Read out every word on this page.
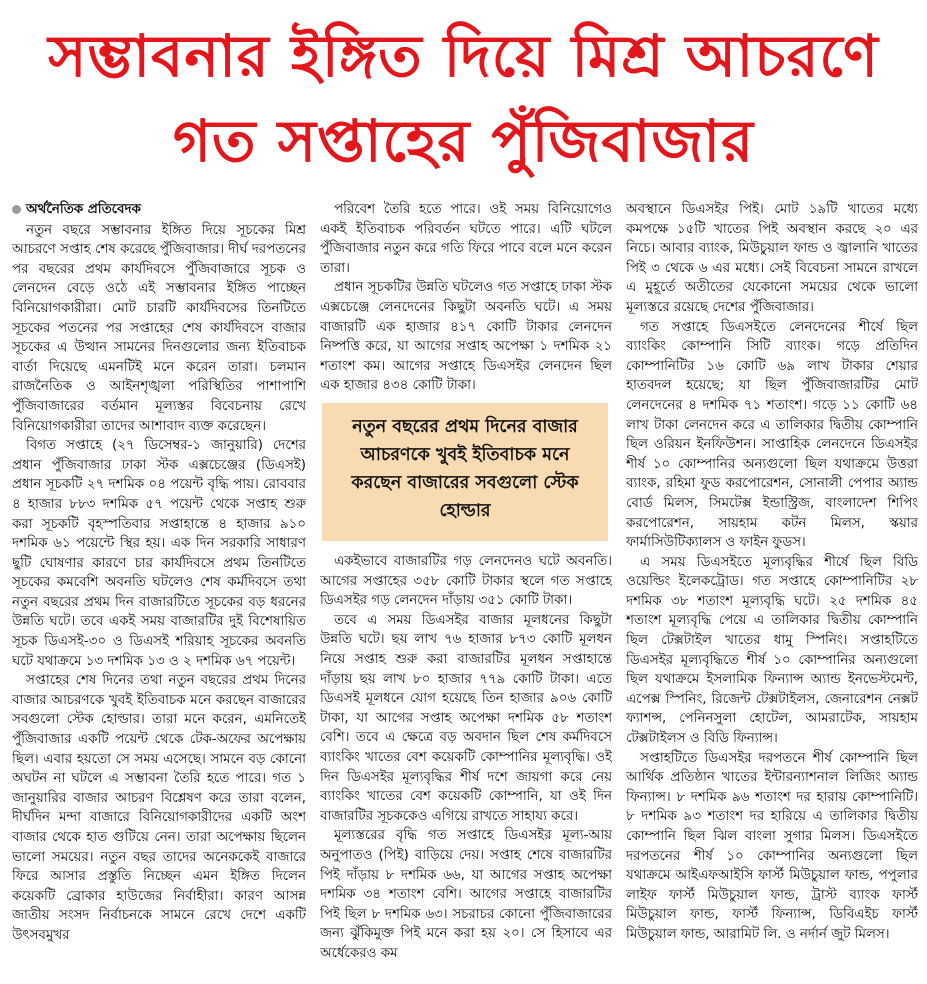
সম্ভাবনার ইঙ্গিত দিয়ে মিশ্র আচরণে
গত সপ্তাহের পুঁজিবাজার
অর্থনৈতিক প্রতিবেদক

নতুন বছরে সম্ভাবনার ইঙ্গিত দিয়ে সূচকের মিশ্র আচরণে সপ্তাহ শেষ করেছে পুঁজিবাজার। দীর্ঘ দরপতনের পর বছরের প্রথম কার্যদিবসে পুঁজিবাজারে সূচক ও লেনদেন বেড়ে ওঠে এই সম্ভাবনার ইঙ্গিত পাচ্ছেন বিনিয়োগকারীরা। মোট চারটি কার্যদিবসের তিনটিতে সূচকের পতনের পর সপ্তাহের শেষ কার্যদিবসে বাজার সূচকের এ উত্থান সামনের দিনগুলোর জন্য ইতিবাচক বার্তা দিয়েছে এমনটিই মনে করেন তারা। চলমান রাজনৈতিক ও আইনশৃঙ্খলা পরিস্থিতির পাশাপাশি পুঁজিবাজারের বর্তমান মূল্যস্তর বিবেচনায় রেখে বিনিয়োগকারীরা তাদের আশাবাদ ব্যক্ত করেছেন।

বিগত সপ্তাহে (২৭ ডিসেম্বর-১ জানুয়ারি) দেশের প্রধান পুঁজিবাজার ঢাকা স্টক এক্সচেঞ্জের (ডিএসই) প্রধান সূচকটি ২৭ দশমিক ০৪ পয়েন্ট বৃদ্ধি পায়। রোববার ৪ হাজার ৮৮৩ দশমিক ৫৭ পয়েন্ট থেকে সপ্তাহ শুরু করা সূচকটি বৃহস্পতিবার সপ্তাহান্তে ৪ হাজার ৯১০ দশমিক ৬১ পয়েন্টে স্থির হয়। এক দিন সরকারি সাধারণ ছুটি ঘোষণার কারণে চার কার্যদিবসে প্রথম তিনটিতে সূচকের কমবেশি অবনতি ঘটলেও শেষ কর্মদিবসে তথা নতুন বছরের প্রথম দিন বাজারটিতে সূচকের বড় ধরনের উন্নতি ঘটে। তবে একই সময় বাজারটির দুই বিশেষায়িত সূচক ডিএসই-৩০ ও ডিএসই শরিয়াহ সূচকের অবনতি ঘটে যথাক্রমে ১৩ দশমিক ১৩ ও ২ দশমিক ৬৭ পয়েন্ট।

সপ্তাহের শেষ দিনের তথা নতুন বছরের প্রথম দিনের বাজার আচরণকে খুবই ইতিবাচক মনে করছেন বাজারের সবগুলো স্টেক হোল্ডার। তারা মনে করেন, এমনিতেই পুঁজিবাজার একটি পয়েন্ট থেকে টেক-অফের অপেক্ষায় ছিল। এবার হয়তো সে সময় এসেছে। সামনে বড় কোনো অঘটন না ঘটলে এ সম্ভাবনা তৈরি হতে পারে। গত ১ জানুয়ারির বাজার আচরণ বিশ্লেষণ করে তারা বলেন, দীর্ঘদিন মন্দা বাজারে বিনিয়োগকারীদের একটি অংশ বাজার থেকে হাত গুটিয়ে নেন। তারা অপেক্ষায় ছিলেন ভালো সময়ের। নতুন বছর তাদের অনেককেই বাজারে ফিরে আসার প্রস্তুতি নিচ্ছেন এমন ইঙ্গিত দিলেন কয়েকটি ব্রোকার হাউজের নির্বাহীরা। কারণ আসন্ন জাতীয় সংসদ নির্বাচনকে সামনে রেখে দেশে একটি উৎসবমুখর

পরিবেশ তৈরি হতে পারে। ওই সময় বিনিয়োগেও একই ইতিবাচক পরিবর্তন ঘটতে পারে। এটি ঘটলে পুঁজিবাজার নতুন করে গতি ফিরে পাবে বলে মনে করেন তারা।

প্রধান সূচকটির উন্নতি ঘটলেও গত সপ্তাহে ঢাকা স্টক এক্সচেঞ্জে লেনদেনের কিছুটা অবনতি ঘটে। এ সময় বাজারটি এক হাজার ৪১৭ কোটি টাকার লেনদেন নিষ্পত্তি করে, যা আগের সপ্তাহ অপেক্ষা ১ দশমিক ২১ শতাংশ কম। আগের সপ্তাহে ডিএসইর লেনদেন ছিল এক হাজার ৪৩৪ কোটি টাকা।

নতুন বছরের প্রথম দিনের বাজার আচরণকে খুবই ইতিবাচক মনে করছেন বাজারের সবগুলো স্টেক হোল্ডার

একইভাবে বাজারটির গড় লেনদেনও ঘটে অবনতি। আগের সপ্তাহের ৩৫৮ কোটি টাকার স্থলে গত সপ্তাহে ডিএসইর গড় লেনদেন দাঁড়ায় ৩৫১ কোটি টাকা।

তবে এ সময় ডিএসইর বাজার মূলধনের কিছুটা উন্নতি ঘটে। ছয় লাখ ৭৬ হাজার ৮৭৩ কোটি মূলধন নিয়ে সপ্তাহ শুরু করা বাজারটির মূলধন সপ্তাহান্তে দাঁড়ায় ছয় লাখ ৮০ হাজার ৭৭৯ কোটি টাকা। এতে ডিএসই মূলধনে যোগ হয়েছে তিন হাজার ৯০৬ কোটি টাকা, যা আগের সপ্তাহ অপেক্ষা দশমিক ৫৮ শতাংশ বেশি। তবে এ ক্ষেত্রে বড় অবদান ছিল শেষ কর্মদিবসে ব্যাংকিং খাতের বেশ কয়েকটি কোম্পানির মূল্যবৃদ্ধি। ওই দিন ডিএসইর মূল্যবৃদ্ধির শীর্ষ দশে জায়গা করে নেয় ব্যাংকিং খাতের বেশ কয়েকটি কোম্পানি, যা ওই দিন বাজারটির সূচককেও এগিয়ে রাখতে সাহায্য করে।

মূল্যস্তরের বৃদ্ধি গত সপ্তাহে ডিএসইর মূল্য-আয় অনুপাতও (পিই) বাড়িয়ে দেয়। সপ্তাহ শেষে বাজারটির পিই দাঁড়ায় ৮ দশমিক ৬৬, যা আগের সপ্তাহ অপেক্ষা দশমিক ৩৪ শতাংশ বেশি। আগের সপ্তাহে বাজারটির পিই ছিল ৮ দশমিক ৬৩। সচরাচর কোনো পুঁজিবাজারের জন্য ঝুঁকিমুক্ত পিই মনে করা হয় ২০। সে হিসাবে এর অর্ধেকেরও কম

অবস্থানে ডিএসইর পিই। মোট ১৯টি খাতের মধ্যে কমপক্ষে ১৫টি খাতের পিই অবস্থান করছে ২০ এর নিচে। আবার ব্যাংক, মিউচুয়াল ফান্ড ও জ্বালানি খাতের পিই ৩ থেকে ৬ এর মধ্যে। সেই বিবেচনা সামনে রাখলে এ মুহূর্তে অতীতের যেকোনো সময়ের থেকে ভালো মূল্যস্তরে রয়েছে দেশের পুঁজিবাজার।

গত সপ্তাহে ডিএসইতে লেনদেনের শীর্ষে ছিল ব্যাংকিং কোম্পানি সিটি ব্যাংক। গড়ে প্রতিদিন কোম্পানিটির ১৬ কোটি ৬৯ লাখ টাকার শেয়ার হাতবদল হয়েছে; যা ছিল পুঁজিবাজারটির মোট লেনদেনের ৪ দশমিক ৭১ শতাংশ। গড়ে ১১ কোটি ৬৪ লাখ টাকা লেনদেন করে এ তালিকার দ্বিতীয় কোম্পানি ছিল ওরিয়ন ইনফিউশন। সাপ্তাহিক লেনদেনে ডিএসইর শীর্ষ ১০ কোম্পানির অন্যগুলো ছিল যথাক্রমে উত্তরা ব্যাংক, রহিমা ফুড করপোরেশন, সোনালী পেপার অ্যান্ড বোর্ড মিলস, সিমটেক্স ইন্ডাস্ট্রিজ, বাংলাদেশ শিপিং করপোরেশন, সায়হাম কটন মিলস, স্কয়ার ফার্মাসিউটিক্যালস ও ফাইন ফুডস।

এ সময় ডিএসইতে মূল্যবৃদ্ধির শীর্ষে ছিল বিডি ওয়েল্ডিং ইলেকট্রোড। গত সপ্তাহে কোম্পানিটির ২৮ দশমিক ৩৮ শতাংশ মূল্যবৃদ্ধি ঘটে। ২৫ দশমিক ৪৫ শতাংশ মূল্যবৃদ্ধি পেয়ে এ তালিকার দ্বিতীয় কোম্পানি ছিল টেক্সটাইল খাতের ধামু স্পিনিং। সপ্তাহটিতে ডিএসইর মূল্যবৃদ্ধিতে শীর্ষ ১০ কোম্পানির অন্যগুলো ছিল যথাক্রমে ইসলামিক ফিন্যান্স অ্যান্ড ইনভেস্টমেন্ট, এপেক্স স্পিনিং, রিজেন্ট টেক্সটাইলস, জেনারেশন নেক্সট ফ্যাশন্স, পেনিনসুলা হোটেল, আমরাটেক, সায়হাম টেক্সটাইলস ও বিডি ফিন্যান্স।

সপ্তাহটিতে ডিএসইর দরপতনে শীর্ষ কোম্পানি ছিল আর্থিক প্রতিষ্ঠান খাতের ইন্টারন্যাশনাল লিজিং অ্যান্ড ফিন্যান্স। ৮ দশমিক ৯৬ শতাংশ দর হারায় কোম্পানিটি। ৮ দশমিক ৯৩ শতাংশ দর হারিয়ে এ তালিকার দ্বিতীয় কোম্পানি ছিল ঝিল বাংলা সুগার মিলস। ডিএসইতে দরপতনের শীর্ষ ১০ কোম্পানির অন্যগুলো ছিল যথাক্রমে আইএফআইসি ফার্স্ট মিউচুয়াল ফান্ড, পপুলার লাইফ ফার্স্ট মিউচুয়াল ফান্ড, ট্রাস্ট ব্যাংক ফার্স্ট মিউচুয়াল ফান্ড, ফার্স্ট ফিন্যান্স, ডিবিএইচ ফার্স্ট মিউচুয়াল ফান্ড, আরামিট লি. ও নর্দার্ন জুট মিলস।
